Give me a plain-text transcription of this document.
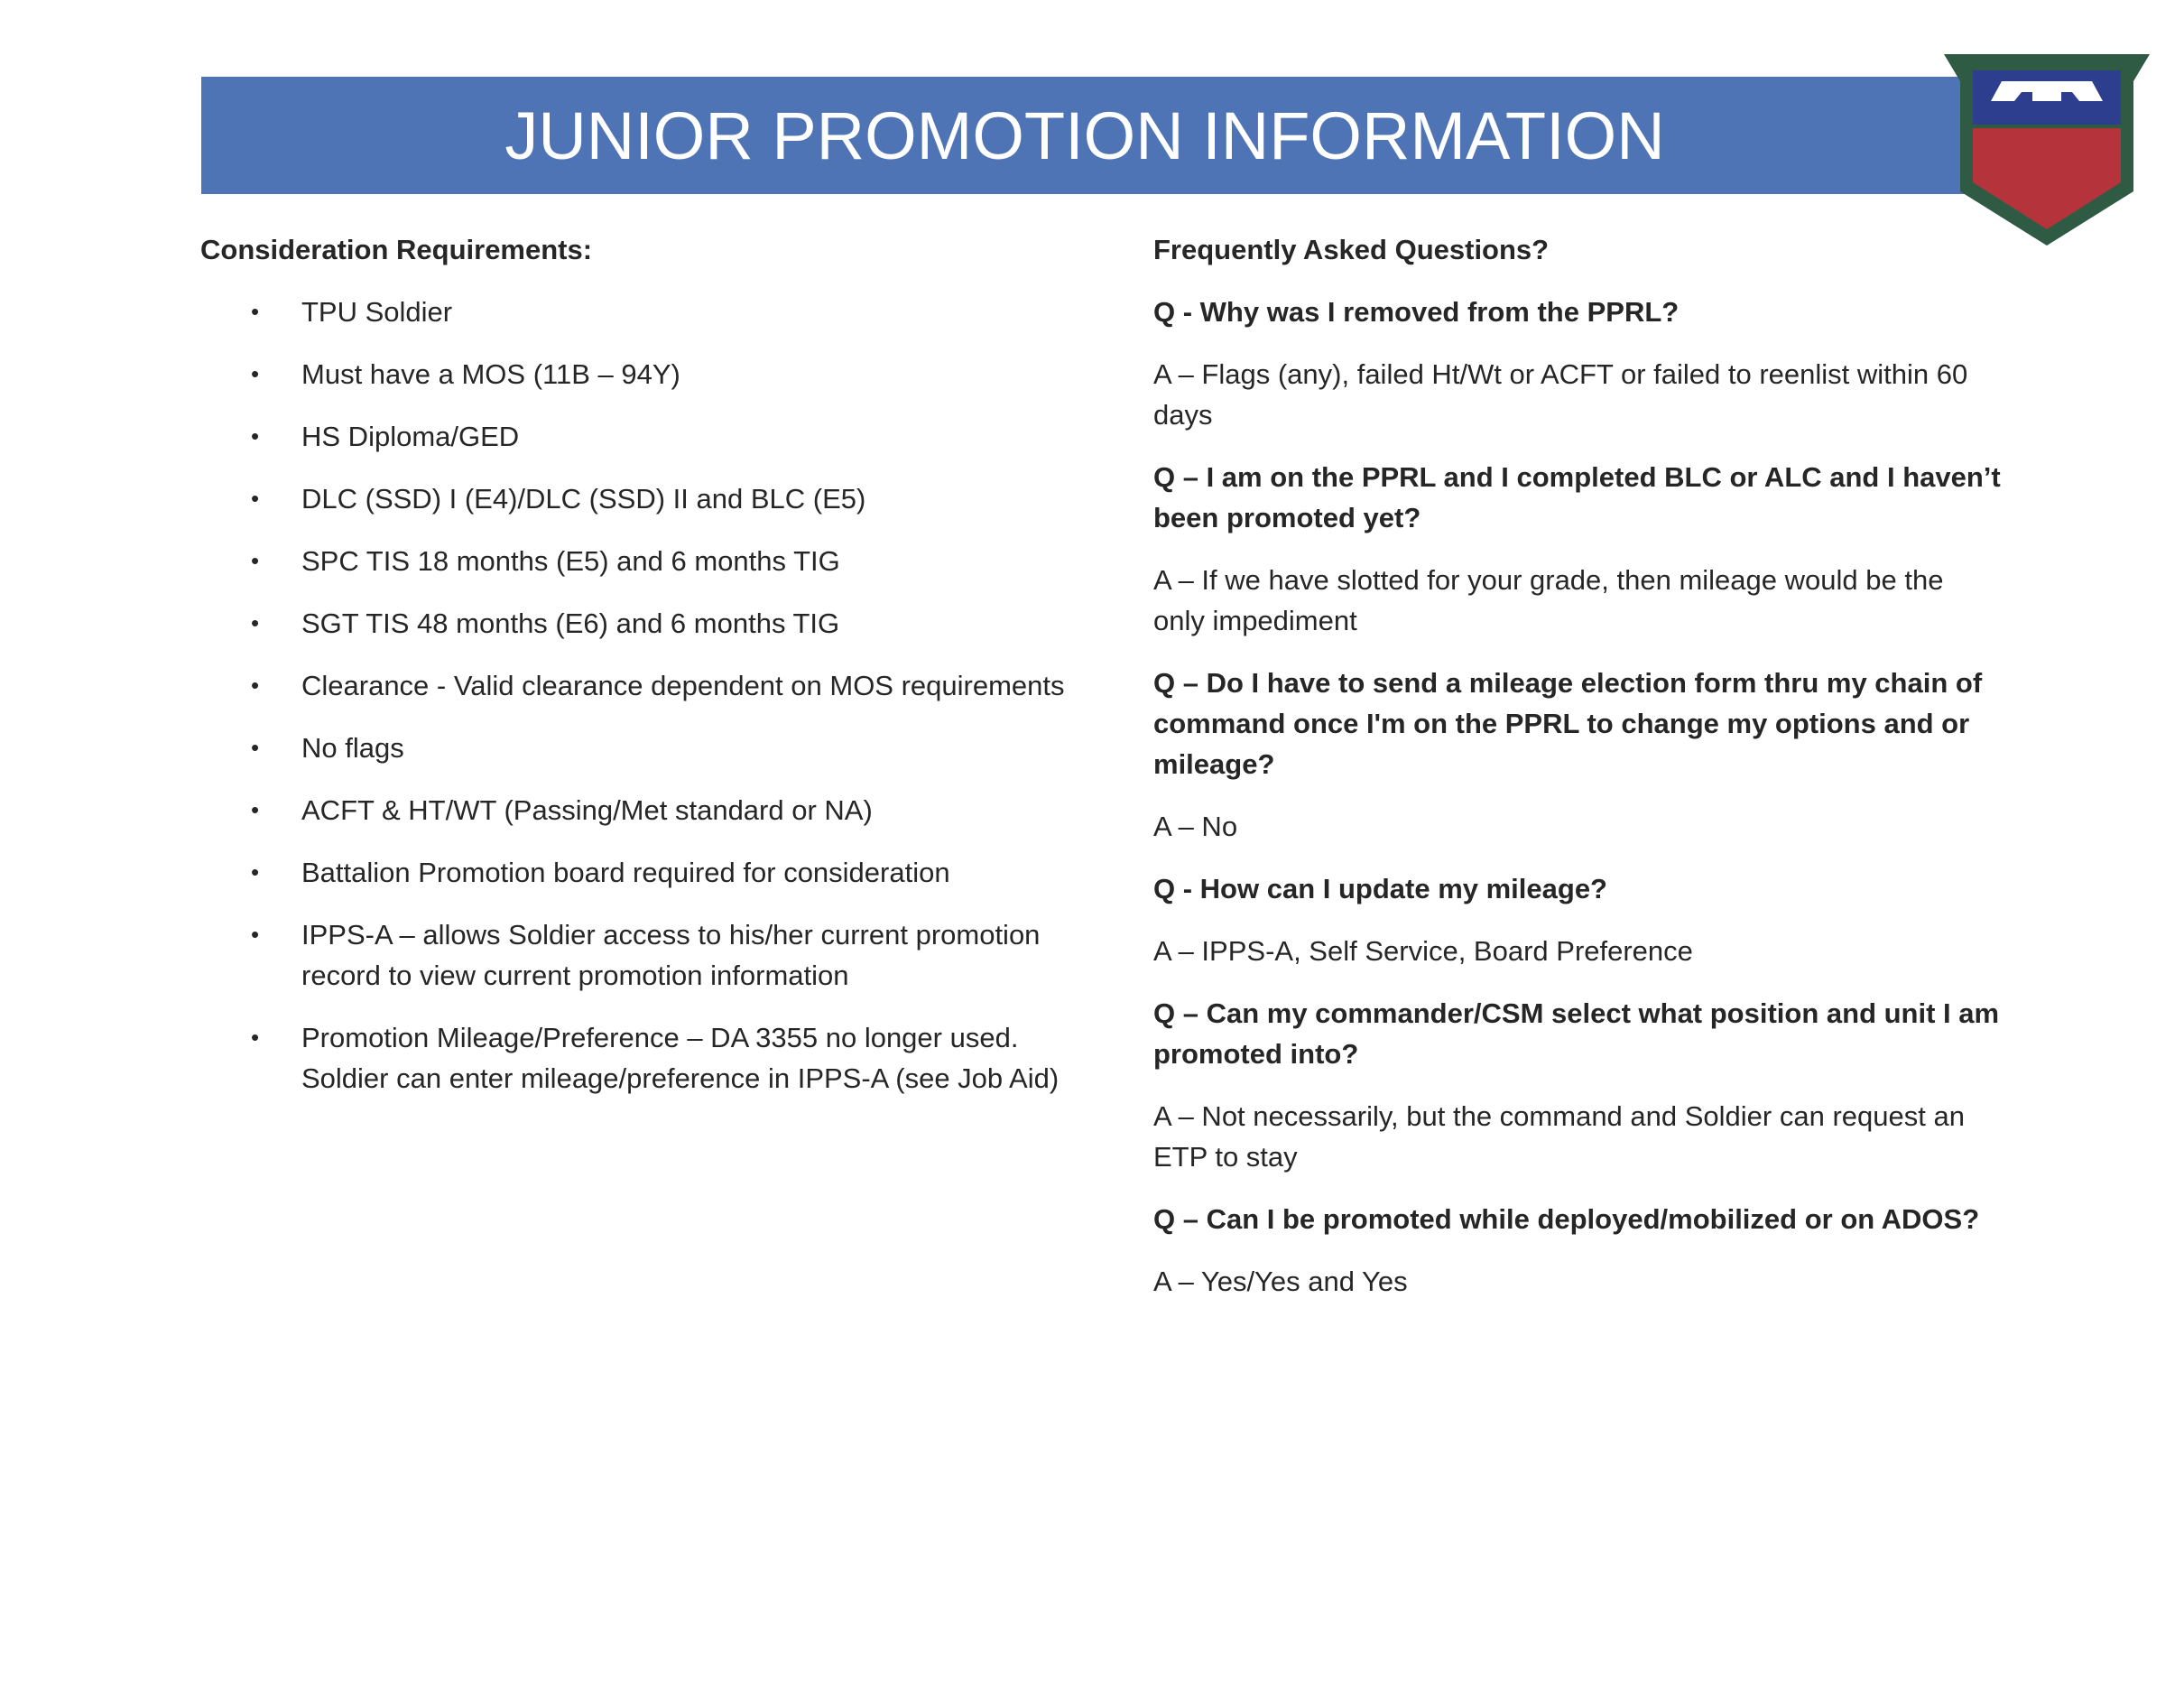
JUNIOR PROMOTION INFORMATION
Consideration Requirements:
• TPU Soldier
• Must have a MOS (11B – 94Y)
• HS Diploma/GED
• DLC (SSD) I (E4)/DLC (SSD) II and BLC (E5)
• SPC TIS 18 months (E5) and 6 months TIG
• SGT TIS 48 months (E6) and 6 months TIG
• Clearance - Valid clearance dependent on MOS requirements
• No flags
• ACFT & HT/WT (Passing/Met standard or NA)
• Battalion Promotion board required for consideration
• IPPS-A – allows Soldier access to his/her current promotion record to view current promotion information
• Promotion Mileage/Preference – DA 3355 no longer used. Soldier can enter mileage/preference in IPPS-A (see Job Aid)
Frequently Asked Questions?
Q - Why was I removed from the PPRL?
A – Flags (any), failed Ht/Wt or ACFT or failed to reenlist within 60 days
Q – I am on the PPRL and I completed BLC or ALC and I haven’t been promoted yet?
A – If we have slotted for your grade, then mileage would be the only impediment
Q – Do I have to send a mileage election form thru my chain of command once I'm on the PPRL to change my options and or mileage?
A – No
Q - How can I update my mileage?
A – IPPS-A, Self Service, Board Preference
Q – Can my commander/CSM select what position and unit I am promoted into?
A – Not necessarily, but the command and Soldier can request an ETP to stay
Q – Can I be promoted while deployed/mobilized or on ADOS?
A – Yes/Yes and Yes
